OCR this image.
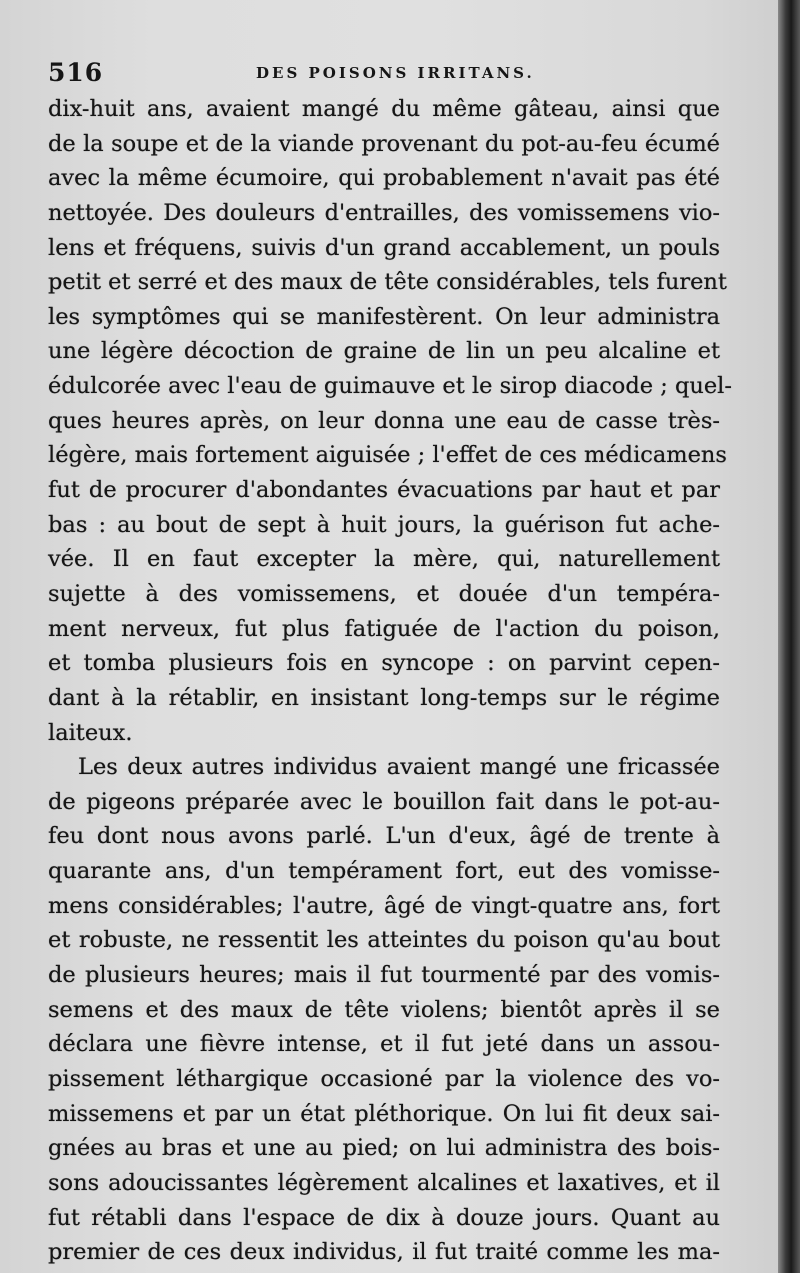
516	DES POISONS IRRITANS.
dix-huit ans, avaient mangé du même gâteau, ainsi que
de la soupe et de la viande provenant du pot-au-feu écumé
avec la même écumoire, qui probablement n'avait pas été
nettoyée. Des douleurs d'entrailles, des vomissemens vio-
lens et fréquens, suivis d'un grand accablement, un pouls
petit et serré et des maux de tête considérables, tels furent
les symptômes qui se manifestèrent. On leur administra
une légère décoction de graine de lin un peu alcaline et
édulcorée avec l'eau de guimauve et le sirop diacode ; quel-
ques heures après, on leur donna une eau de casse très-
légère, mais fortement aiguisée ; l'effet de ces médicamens
fut de procurer d'abondantes évacuations par haut et par
bas : au bout de sept à huit jours, la guérison fut ache-
vée. Il en faut excepter la mère, qui, naturellement
sujette à des vomissemens, et douée d'un tempéra-
ment nerveux, fut plus fatiguée de l'action du poison,
et tomba plusieurs fois en syncope : on parvint cepen-
dant à la rétablir, en insistant long-temps sur le régime
laiteux.
Les deux autres individus avaient mangé une fricassée
de pigeons préparée avec le bouillon fait dans le pot-au-
feu dont nous avons parlé. L'un d'eux, âgé de trente à
quarante ans, d'un tempérament fort, eut des vomisse-
mens considérables; l'autre, âgé de vingt-quatre ans, fort
et robuste, ne ressentit les atteintes du poison qu'au bout
de plusieurs heures; mais il fut tourmenté par des vomis-
semens et des maux de tête violens; bientôt après il se
déclara une fièvre intense, et il fut jeté dans un assou-
pissement léthargique occasioné par la violence des vo-
missemens et par un état pléthorique. On lui fit deux sai-
gnées au bras et une au pied; on lui administra des bois-
sons adoucissantes légèrement alcalines et laxatives, et il
fut rétabli dans l'espace de dix à douze jours. Quant au
premier de ces deux individus, il fut traité comme les ma-
